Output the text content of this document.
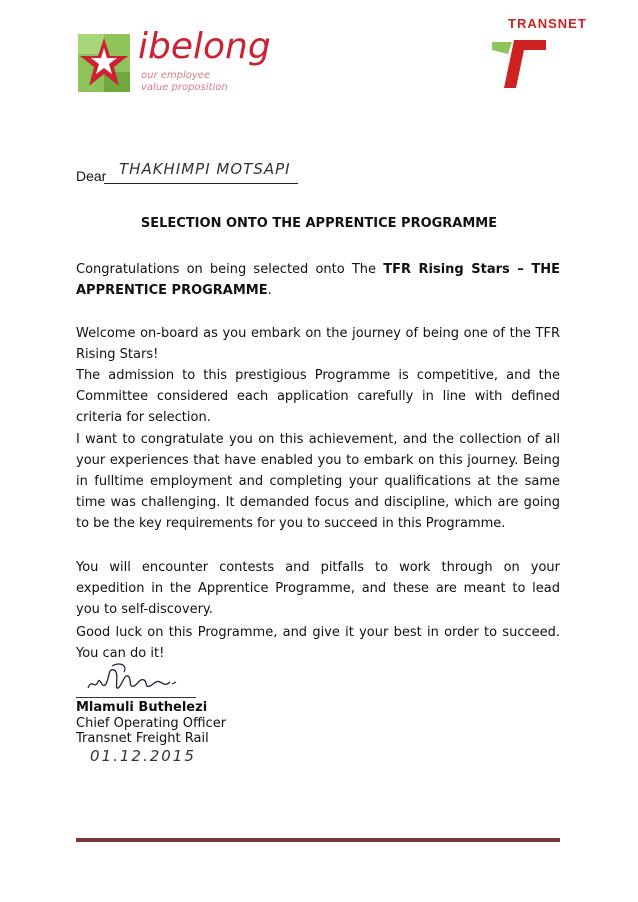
ibelong
our employee
value proposition
TRANSNET
Dear THAKHIMPI MOTSAPI
SELECTION ONTO THE APPRENTICE PROGRAMME
Congratulations on being selected onto The TFR Rising Stars – THE APPRENTICE PROGRAMME.
Welcome on-board as you embark on the journey of being one of the TFR Rising Stars!
The admission to this prestigious Programme is competitive, and the Committee considered each application carefully in line with defined criteria for selection.
I want to congratulate you on this achievement, and the collection of all your experiences that have enabled you to embark on this journey. Being in fulltime employment and completing your qualifications at the same time was challenging. It demanded focus and discipline, which are going to be the key requirements for you to succeed in this Programme.
You will encounter contests and pitfalls to work through on your expedition in the Apprentice Programme, and these are meant to lead you to self-discovery.
Good luck on this Programme, and give it your best in order to succeed. You can do it!
Mlamuli Buthelezi
Chief Operating Officer
Transnet Freight Rail
01.12.2015
